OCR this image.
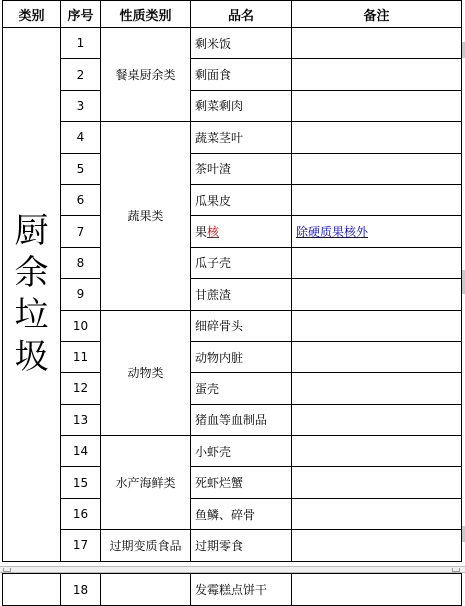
类别	序号	性质类别	品名	备注
厨余垃圾	1	餐桌厨余类	剩米饭	
	2		剩面食	
	3		剩菜剩肉	
	4	蔬果类	蔬菜茎叶	
	5		茶叶渣	
	6		瓜果皮	
	7		果核	除硬质果核外
	8		瓜子壳	
	9		甘蔗渣	
	10	动物类	细碎骨头	
	11		动物内脏	
	12		蛋壳	
	13		猪血等血制品	
	14	水产海鲜类	小虾壳	
	15		死虾烂蟹	
	16		鱼鳞、碎骨	
	17	过期变质食品	过期零食	
	18		发霉糕点饼干	
